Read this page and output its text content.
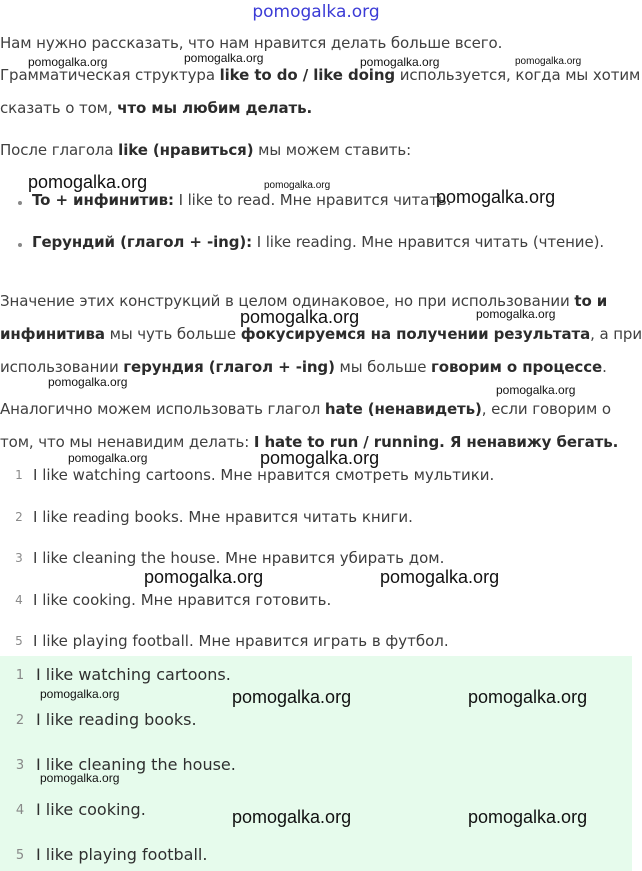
pomogalka.org
Нам нужно рассказать, что нам нравится делать больше всего.
Грамматическая структура like to do / like doing используется, когда мы хотим
сказать о том, что мы любим делать.
После глагола like (нравиться) мы можем ставить:
To + инфинитив: I like to read. Мне нравится читать.
Герундий (глагол + -ing): I like reading. Мне нравится читать (чтение).
Значение этих конструкций в целом одинаковое, но при использовании to и
инфинитива мы чуть больше фокусируемся на получении результата, а при
использовании герундия (глагол + -ing) мы больше говорим о процессе.
Аналогично можем использовать глагол hate (ненавидеть), если говорим о
том, что мы ненавидим делать: I hate to run / running. Я ненавижу бегать.
1 I like watching cartoons. Мне нравится смотреть мультики.
2 I like reading books. Мне нравится читать книги.
3 I like cleaning the house. Мне нравится убирать дом.
4 I like cooking. Мне нравится готовить.
5 I like playing football. Мне нравится играть в футбол.
1 I like watching cartoons.
2 I like reading books.
3 I like cleaning the house.
4 I like cooking.
5 I like playing football.
pomogalka.org	pomogalka.org	pomogalka.org	pomogalka.org
pomogalka.org	pomogalka.org
pomogalka.org
pomogalka.org	pomogalka.org
pomogalka.org
pomogalka.org
pomogalka.org	pomogalka.org
pomogalka.org	pomogalka.org
pomogalka.org	pomogalka.org	pomogalka.org
pomogalka.org
pomogalka.org	pomogalka.org
